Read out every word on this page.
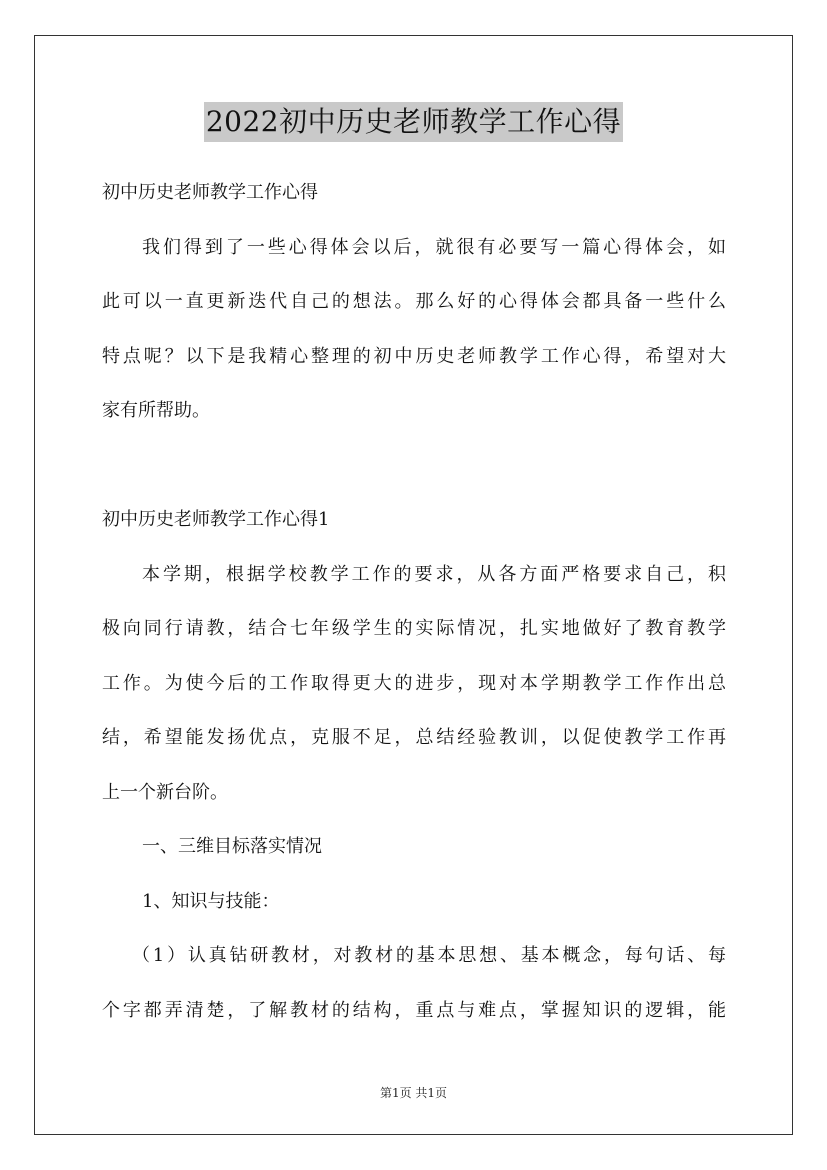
2022初中历史老师教学工作心得
初中历史老师教学工作心得
我们得到了一些心得体会以后，就很有必要写一篇心得体会，如
此可以一直更新迭代自己的想法。那么好的心得体会都具备一些什么
特点呢？以下是我精心整理的初中历史老师教学工作心得，希望对大
家有所帮助。
初中历史老师教学工作心得1
本学期，根据学校教学工作的要求，从各方面严格要求自己，积
极向同行请教，结合七年级学生的实际情况，扎实地做好了教育教学
工作。为使今后的工作取得更大的进步，现对本学期教学工作作出总
结，希望能发扬优点，克服不足，总结经验教训，以促使教学工作再
上一个新台阶。
一、三维目标落实情况
1、知识与技能：
（1）认真钻研教材，对教材的基本思想、基本概念，每句话、每
个字都弄清楚，了解教材的结构，重点与难点，掌握知识的逻辑，能
第1页 共1页
